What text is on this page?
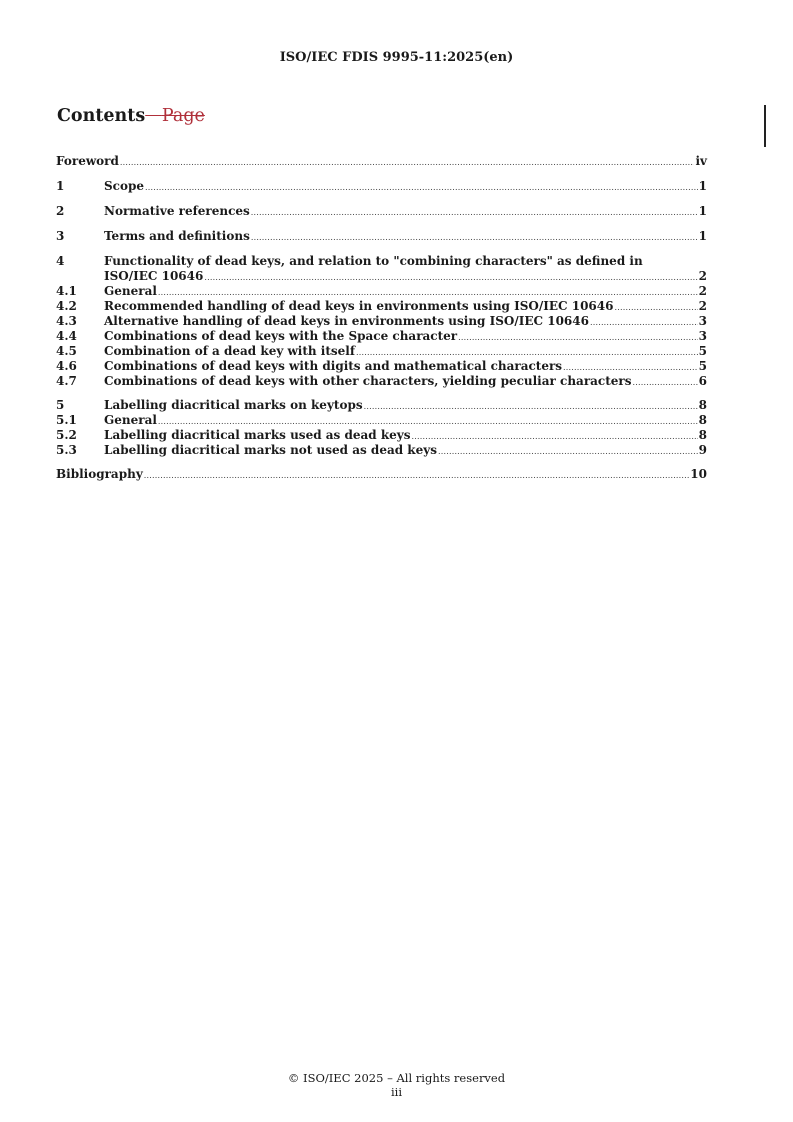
ISO/IEC FDIS 9995-11:2025(en)
Contents Page
Foreword .....	iv
1	Scope .....	1
2	Normative references .....	1
3	Terms and definitions .....	1
4	Functionality of dead keys, and relation to "combining characters" as defined in
ISO/IEC 10646 .....	2
4.1	General .....	2
4.2	Recommended handling of dead keys in environments using ISO/IEC 10646 .....	2
4.3	Alternative handling of dead keys in environments using ISO/IEC 10646 .....	3
4.4	Combinations of dead keys with the Space character .....	3
4.5	Combination of a dead key with itself .....	5
4.6	Combinations of dead keys with digits and mathematical characters .....	5
4.7	Combinations of dead keys with other characters, yielding peculiar characters .....	6
5	Labelling diacritical marks on keytops .....	8
5.1	General .....	8
5.2	Labelling diacritical marks used as dead keys .....	8
5.3	Labelling diacritical marks not used as dead keys .....	9
Bibliography .....	10
© ISO/IEC 2025 – All rights reserved
iii
